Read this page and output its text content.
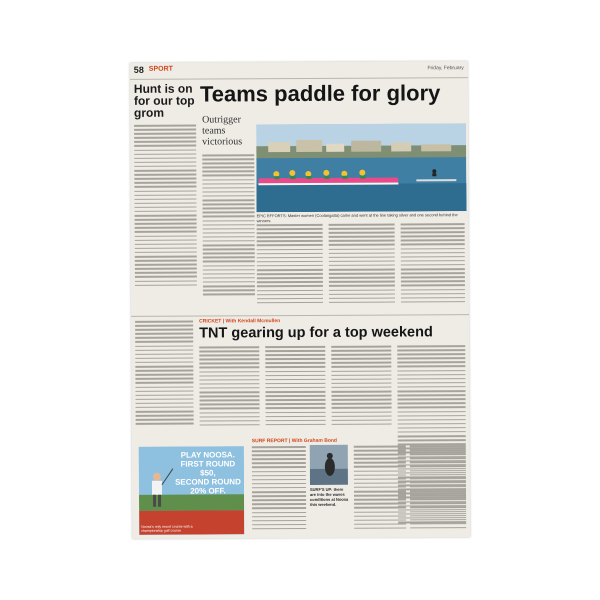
58 SPORT	Friday, February
Hunt is on for our top grom
Teams paddle for glory
Outrigger teams victorious
EPIC EFFORTS: Master women (Coolangatta) came and went at the line taking silver and one second behind the winners.
CRICKET | With Kendall Mcmullen
TNT gearing up for a top weekend
PLAY NOOSA.
FIRST ROUND $50,
SECOND ROUND
20% OFF.
Noosa's only resort course with a championship golf course
SURF REPORT | With Graham Bond
SURF'S UP: there are into the waves conditions at Noosa this weekend.
